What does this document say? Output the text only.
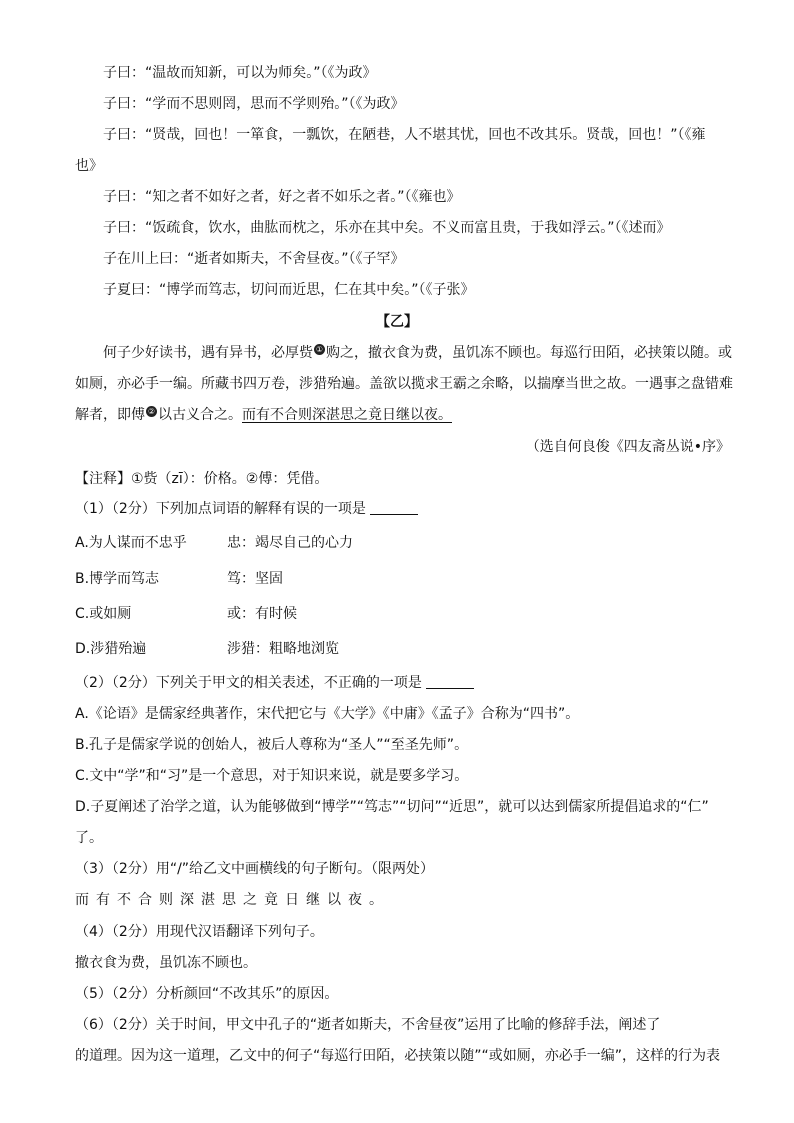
子曰：“温故而知新，可以为师矣。”（《为政》
子曰：“学而不思则罔，思而不学则殆。”（《为政》
子曰：“贤哉，回也！一箪食，一瓢饮，在陋巷，人不堪其忧，回也不改其乐。贤哉，回也！”（《雍
也》
子曰：“知之者不如好之者，好之者不如乐之者。”（《雍也》
子曰：“饭疏食，饮水，曲肱而枕之，乐亦在其中矣。不义而富且贵，于我如浮云。”（《述而》
子在川上曰：“逝者如斯夫，不舍昼夜。”（《子罕》
子夏曰：“博学而笃志，切问而近思，仁在其中矣。”（《子张》
【乙】
何子少好读书，遇有异书，必厚赀 ① 购之，撤衣食为费，虽饥冻不顾也。每巡行田陌，必挟策以随。或
如厕，亦必手一编。所藏书四万卷，涉猎殆遍。盖欲以揽求王霸之余略，以揣摩当世之故。一遇事之盘错难
解者，即傅 ② 以古义合之。而有不合则深湛思之竟日继以夜。
（选自何良俊《四友斋丛说•序》
【注释】①赀（zī）：价格。②傅：凭借。
（1）（2分）下列加点词语的解释有误的一项是
A.为人谋而不忠乎	忠：竭尽自己的心力
B.博学而笃志	笃：坚固
C.或如厕	或：有时候
D.涉猎殆遍	涉猎：粗略地浏览
（2）（2分）下列关于甲文的相关表述，不正确的一项是
A.《论语》是儒家经典著作，宋代把它与《大学》《中庸》《孟子》合称为“四书”。
B.孔子是儒家学说的创始人，被后人尊称为“圣人”“至圣先师”。
C.文中“学”和“习”是一个意思，对于知识来说，就是要多学习。
D.子夏阐述了治学之道，认为能够做到“博学”“笃志”“切问”“近思”，就可以达到儒家所提倡追求的“仁”
了。
（3）（2分）用“/”给乙文中画横线的句子断句。（限两处）
而有不合则深湛思之竟日继以夜。
（4）（2分）用现代汉语翻译下列句子。
撤衣食为费，虽饥冻不顾也。
（5）（2分）分析颜回“不改其乐”的原因。
（6）（2分）关于时间，甲文中孔子的“逝者如斯夫，不舍昼夜”运用了比喻的修辞手法，阐述了
的道理。因为这一道理，乙文中的何子“每巡行田陌，必挟策以随”“或如厕，亦必手一编”，这样的行为表
